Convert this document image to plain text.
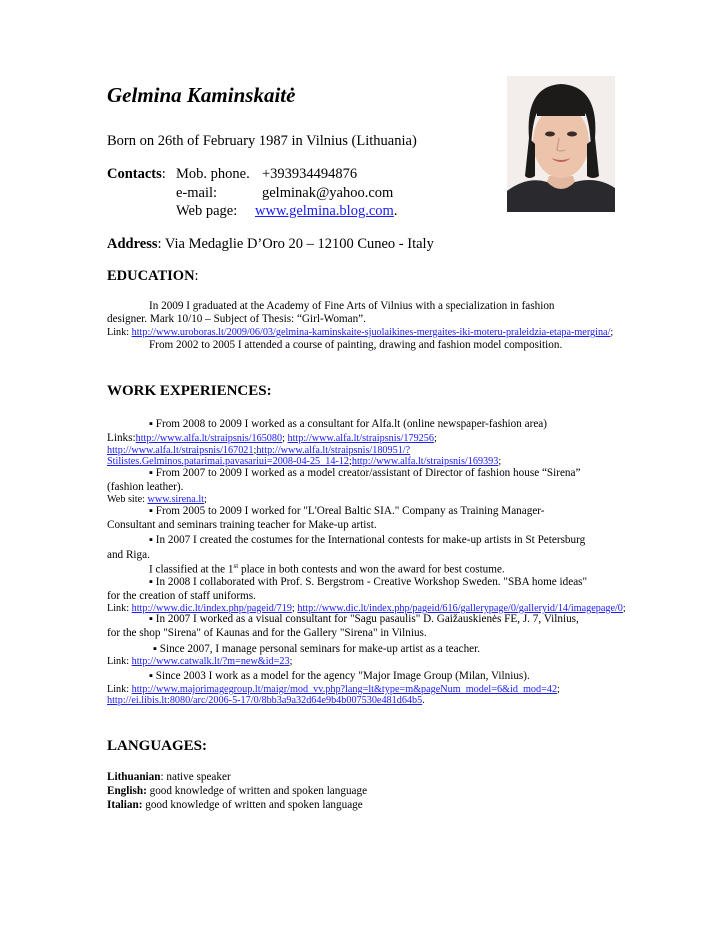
Gelmina Kaminskaitė
Born on 26th of February 1987 in Vilnius (Lithuania)
Contacts: Mob. phone. +393934494876
e-mail:	gelminak@yahoo.com
Web page: www.gelmina.blog.com.
Address: Via Medaglie D’Oro 20 – 12100 Cuneo - Italy
EDUCATION:
In 2009 I graduated at the Academy of Fine Arts of Vilnius with a specialization in fashion
designer. Mark 10/10 – Subject of Thesis: “Girl-Woman”.
Link: http://www.uroboras.lt/2009/06/03/gelmina-kaminskaite-sjuolaikines-mergaites-iki-moteru-praleidzia-etapa-mergina/;
From 2002 to 2005 I attended a course of painting, drawing and fashion model composition.
WORK EXPERIENCES:
▪ From 2008 to 2009 I worked as a consultant for Alfa.lt (online newspaper-fashion area)
Links:http://www.alfa.lt/straipsnis/165080; http://www.alfa.lt/straipsnis/179256;
http://www.alfa.lt/straipsnis/167021;http://www.alfa.lt/straipsnis/180951/?
Stilistes.Gelminos.patarimai.pavasariui=2008-04-25_14-12;http://www.alfa.lt/straipsnis/169393;
▪ From 2007 to 2009 I worked as a model creator/assistant of Director of fashion house “Sirena”
(fashion leather).
Web site: www.sirena.lt;
▪ From 2005 to 2009 I worked for "L'Oreal Baltic SIA." Company as Training Manager-
Consultant and seminars training teacher for Make-up artist.
▪ In 2007 I created the costumes for the International contests for make-up artists in St Petersburg
and Riga.
I classified at the 1st place in both contests and won the award for best costume.
▪ In 2008 I collaborated with Prof. S. Bergstrom - Creative Workshop Sweden. "SBA home ideas"
for the creation of staff uniforms.
Link: http://www.dic.lt/index.php/pageid/719; http://www.dic.lt/index.php/pageid/616/gallerypage/0/galleryid/14/imagepage/0;
▪ In 2007 I worked as a visual consultant for "Sagu pasaulis" D. Gaižauskienės FE, J. 7, Vilnius,
for the shop "Sirena" of Kaunas and for the Gallery "Sirena" in Vilnius.
▪ Since 2007, I manage personal seminars for make-up artist as a teacher.
Link: http://www.catwalk.lt/?m=new&id=23;
▪ Since 2003 I work as a model for the agency "Major Image Group (Milan, Vilnius).
Link: http://www.majorimagegroup.lt/maigr/mod_vv.php?lang=lt&type=m&pageNum_model=6&id_mod=42;
http://ei.libis.lt:8080/arc/2006-5-17/0/8bb3a9a32d64e9b4b007530e481d64b5.
LANGUAGES:
Lithuanian: native speaker
English: good knowledge of written and spoken language
Italian: good knowledge of written and spoken language
